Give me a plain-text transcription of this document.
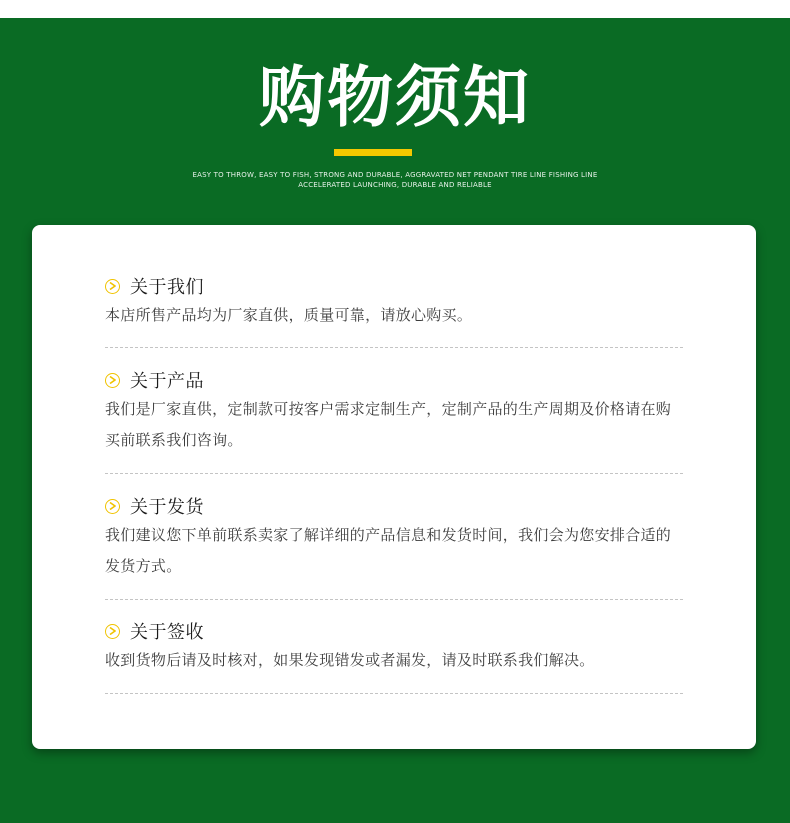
购物须知
EASY TO THROW, EASY TO FISH, STRONG AND DURABLE, AGGRAVATED NET PENDANT TIRE LINE FISHING LINE
ACCELERATED LAUNCHING, DURABLE AND RELIABLE
关于我们
本店所售产品均为厂家直供，质量可靠，请放心购买。
关于产品
我们是厂家直供，定制款可按客户需求定制生产，定制产品的生产周期及价格请在购买前联系我们咨询。
关于发货
我们建议您下单前联系卖家了解详细的产品信息和发货时间，我们会为您安排合适的发货方式。
关于签收
收到货物后请及时核对，如果发现错发或者漏发，请及时联系我们解决。
